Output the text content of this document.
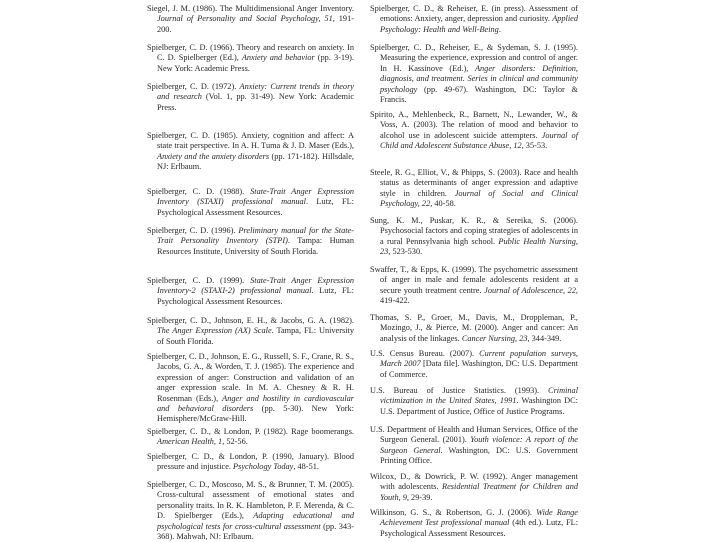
Siegel, J. M. (1986). The Multidimensional Anger Inventory. Journal of Personality and Social Psychology, 51, 191-200.

Spielberger, C. D. (1966). Theory and research on anxiety. In C. D. Spielberger (Ed.), Anxiety and behavior (pp. 3-19). New York: Academic Press.

Spielberger, C. D. (1972). Anxiety: Current trends in theory and research (Vol. 1, pp. 31-49). New York: Academic Press.

Spielberger, C. D. (1985). Anxiety, cognition and affect: A state trait perspective. In A. H. Tuma & J. D. Maser (Eds.), Anxiety and the anxiety disorders (pp. 171-182). Hillsdale, NJ: Erlbaum.

Spielberger, C. D. (1988). State-Trait Anger Expression Inventory (STAXI) professional manual. Lutz, FL: Psychological Assessment Resources.

Spielberger, C. D. (1996). Preliminary manual for the State-Trait Personality Inventory (STPI). Tampa: Human Resources Institute, University of South Florida.

Spielberger, C. D. (1999). State-Trait Anger Expression Inventory-2 (STAXI-2) professional manual. Lutz, FL: Psychological Assessment Resources.

Spielberger, C. D., Johnson, E. H., & Jacobs, G. A. (1982). The Anger Expression (AX) Scale. Tampa, FL: University of South Florida.

Spielberger, C. D., Johnson, E. G., Russell, S. F., Crane, R. S., Jacobs, G. A., & Worden, T. J. (1985). The experience and expression of anger: Construction and validation of an anger expression scale. In M. A. Chesney & R. H. Rosenman (Eds.), Anger and hostility in cardiovascular and behavioral disorders (pp. 5-30). New York: Hemisphere/McGraw-Hill.

Spielberger, C. D., & London, P. (1982). Rage boomerangs. American Health, 1, 52-56.

Spielberger, C. D., & London, P. (1990, January). Blood pressure and injustice. Psychology Today, 48-51.

Spielberger, C. D., Moscoso, M. S., & Brunner, T. M. (2005). Cross-cultural assessment of emotional states and personality traits. In R. K. Hambleton, P. F. Merenda, & C. D. Spielberger (Eds.), Adapting educational and psychological tests for cross-cultural assessment (pp. 343-368). Mahwah, NJ: Erlbaum.

Spielberger, C. D., & Reheiser, E. (in press). Assessment of emotions: Anxiety, anger, depression and curiosity. Applied Psychology: Health and Well-Being.

Spielberger, C. D., Reheiser, E., & Sydeman, S. J. (1995). Measuring the experience, expression and control of anger. In H. Kassinove (Ed.), Anger disorders: Definition, diagnosis, and treatment. Series in clinical and community psychology (pp. 49-67). Washington, DC: Taylor & Francis.

Spirito, A., Mehlenbeck, R., Barnett, N., Lewander, W., & Voss, A. (2003). The relation of mood and behavior to alcohol use in adolescent suicide attempters. Journal of Child and Adolescent Substance Abuse, 12, 35-53.

Steele, R. G., Elliot, V., & Phipps, S. (2003). Race and health status as determinants of anger expression and adaptive style in children. Journal of Social and Clinical Psychology, 22, 40-58.

Sung, K. M., Puskar, K. R., & Sereika, S. (2006). Psychosocial factors and coping strategies of adolescents in a rural Pennsylvania high school. Public Health Nursing, 23, 523-530.

Swaffer, T., & Epps, K. (1999). The psychometric assessment of anger in male and female adolescents resident at a secure youth treatment centre. Journal of Adolescence, 22, 419-422.

Thomas, S. P., Groer, M., Davis, M., Droppleman, P., Mozingo, J., & Pierce, M. (2000). Anger and cancer: An analysis of the linkages. Cancer Nursing, 23, 344-349.

U.S. Census Bureau. (2007). Current population surveys, March 2007 [Data file]. Washington, DC: U.S. Department of Commerce.

U.S. Bureau of Justice Statistics. (1993). Criminal victimization in the United States, 1991. Washington DC: U.S. Department of Justice, Office of Justice Programs.

U.S. Department of Health and Human Services, Office of the Surgeon General. (2001). Youth violence: A report of the Surgeon General. Washington, DC: U.S. Government Printing Office.

Wilcox, D., & Dowrick, P. W. (1992). Anger management with adolescents. Residential Treatment for Children and Youth, 9, 29-39.

Wilkinson, G. S., & Robertson, G. J. (2006). Wide Range Achievement Test professional manual (4th ed.). Lutz, FL: Psychological Assessment Resources.
